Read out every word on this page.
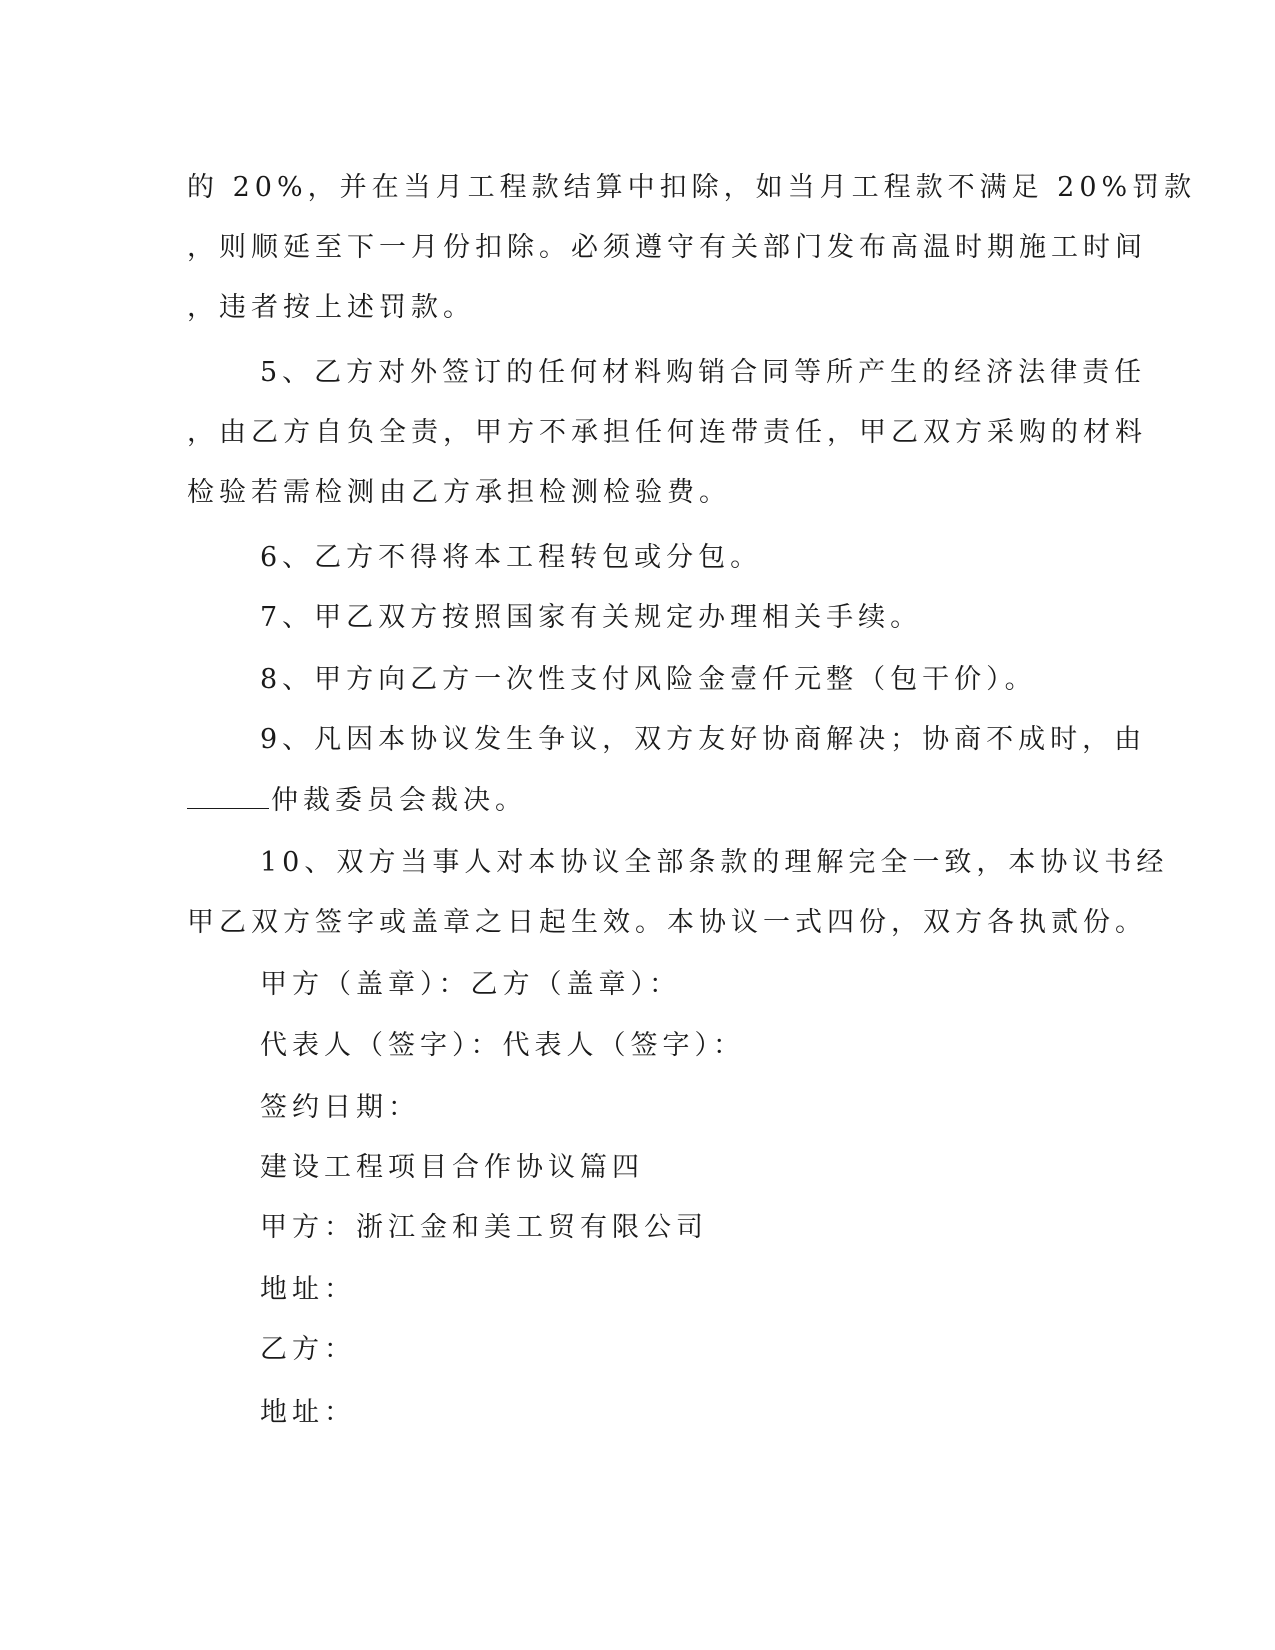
的 20%，并在当月工程款结算中扣除，如当月工程款不满足 20%罚款
，则顺延至下一月份扣除。必须遵守有关部门发布高温时期施工时间
，违者按上述罚款。
5、乙方对外签订的任何材料购销合同等所产生的经济法律责任
，由乙方自负全责，甲方不承担任何连带责任，甲乙双方采购的材料
检验若需检测由乙方承担检测检验费。
6、乙方不得将本工程转包或分包。
7、甲乙双方按照国家有关规定办理相关手续。
8、甲方向乙方一次性支付风险金壹仟元整（包干价）。
9、凡因本协议发生争议，双方友好协商解决；协商不成时，由
仲裁委员会裁决。
10、双方当事人对本协议全部条款的理解完全一致，本协议书经
甲乙双方签字或盖章之日起生效。本协议一式四份，双方各执贰份。
甲方（盖章）：乙方（盖章）：
代表人（签字）：代表人（签字）：
签约日期：
建设工程项目合作协议篇四
甲方：浙江金和美工贸有限公司
地址：
乙方：
地址：
